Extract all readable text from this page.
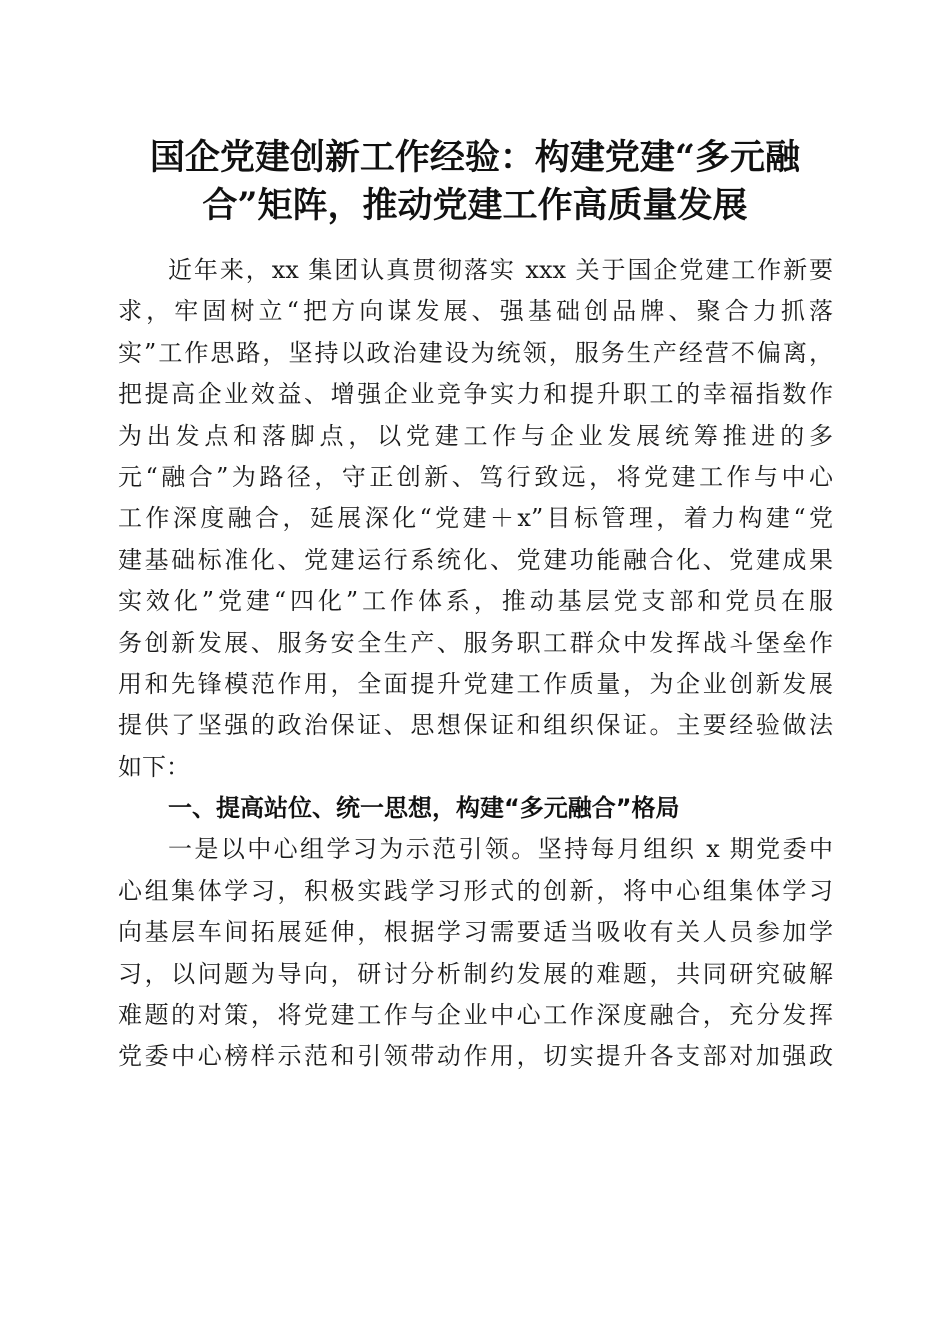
国企党建创新工作经验：构建党建“多元融
合”矩阵，推动党建工作高质量发展
近年来，xx 集团认真贯彻落实 xxx 关于国企党建工作新要
求，牢固树立“把方向谋发展、强基础创品牌、聚合力抓落
实”工作思路，坚持以政治建设为统领，服务生产经营不偏离，
把提高企业效益、增强企业竞争实力和提升职工的幸福指数作
为出发点和落脚点，以党建工作与企业发展统筹推进的多
元“融合”为路径，守正创新、笃行致远，将党建工作与中心
工作深度融合，延展深化“党建＋x”目标管理，着力构建“党
建基础标准化、党建运行系统化、党建功能融合化、党建成果
实效化”党建“四化”工作体系，推动基层党支部和党员在服
务创新发展、服务安全生产、服务职工群众中发挥战斗堡垒作
用和先锋模范作用，全面提升党建工作质量，为企业创新发展
提供了坚强的政治保证、思想保证和组织保证。主要经验做法
如下：
一、提高站位、统一思想，构建“多元融合”格局
一是以中心组学习为示范引领。坚持每月组织 x 期党委中
心组集体学习，积极实践学习形式的创新，将中心组集体学习
向基层车间拓展延伸，根据学习需要适当吸收有关人员参加学
习，以问题为导向，研讨分析制约发展的难题，共同研究破解
难题的对策，将党建工作与企业中心工作深度融合，充分发挥
党委中心榜样示范和引领带动作用，切实提升各支部对加强政
